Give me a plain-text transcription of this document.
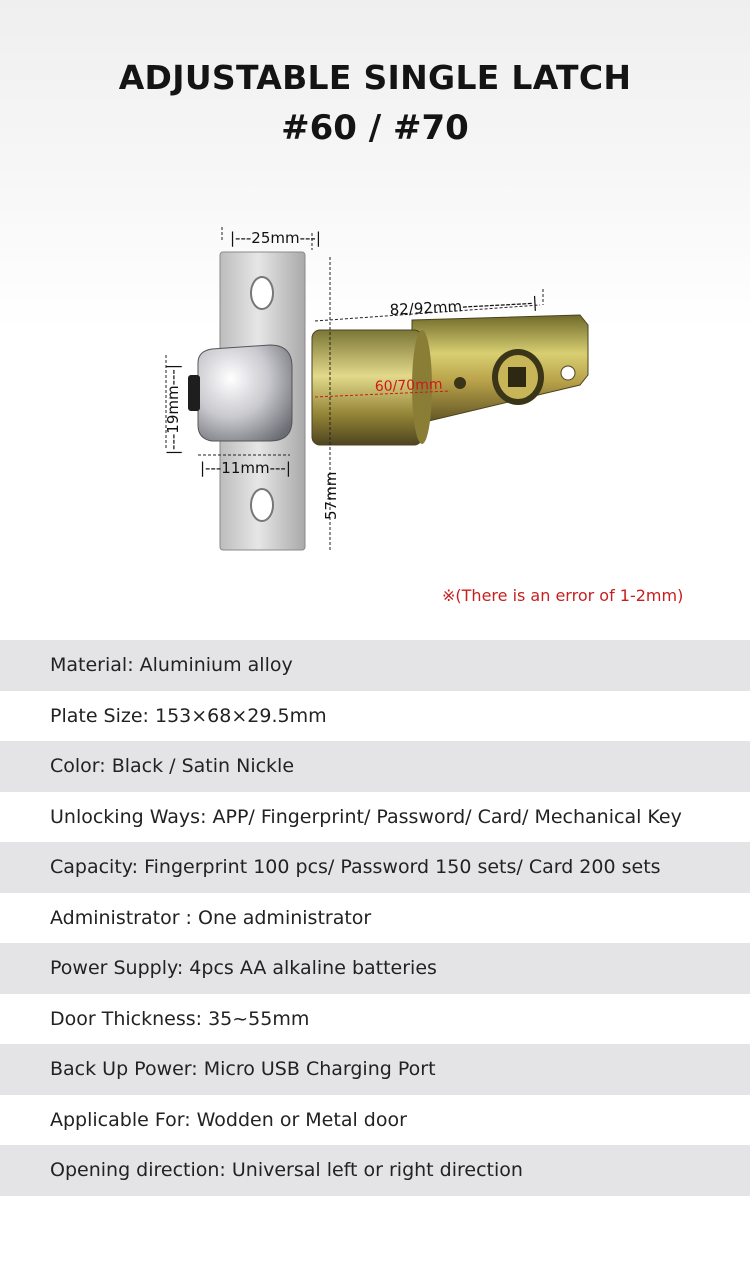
ADJUSTABLE SINGLE LATCH
#60 / #70
|---25mm---|
82/92mm-------------|
60/70mm
|---19mm---|
|---11mm---|
57mm
※(There is an error of 1-2mm)
Material: Aluminium alloy
Plate Size: 153×68×29.5mm
Color: Black / Satin Nickle
Unlocking Ways: APP/ Fingerprint/ Password/ Card/ Mechanical Key
Capacity: Fingerprint 100 pcs/ Password 150 sets/ Card 200 sets
Administrator : One administrator
Power Supply: 4pcs AA alkaline batteries
Door Thickness: 35~55mm
Back Up Power: Micro USB Charging Port
Applicable For: Wodden or Metal door
Opening direction: Universal left or right direction
